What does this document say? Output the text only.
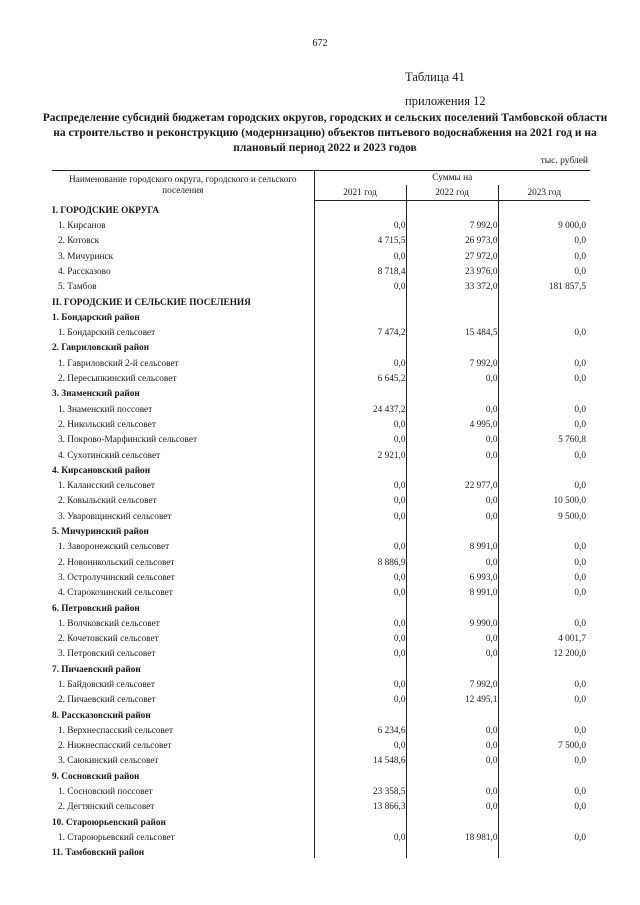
672
Таблица 41
приложения 12
Распределение субсидий бюджетам городских округов, городских и сельских поселений Тамбовской области на строительство и реконструкцию (модернизацию) объектов питьевого водоснабжения на 2021 год и на плановый период 2022 и 2023 годов
тыс. рублей
Наименование городского округа, городского и сельского поселения	Суммы на		
	2021 год	2022 год	2023 год
I. ГОРОДСКИЕ ОКРУГА			
1. Кирсанов	0,0	7 992,0	9 000,0
2. Котовск	4 715,5	26 973,0	0,0
3. Мичуринск	0,0	27 972,0	0,0
4. Рассказово	8 718,4	23 976,0	0,0
5. Тамбов	0,0	33 372,0	181 857,5
II. ГОРОДСКИЕ И СЕЛЬСКИЕ ПОСЕЛЕНИЯ			
1. Бондарский район			
1. Бондарский сельсовет	7 474,2	15 484,5	0,0
2. Гавриловский район			
1. Гавриловский 2-й сельсовет	0,0	7 992,0	0,0
2. Пересыпкинский сельсовет	6 645,2	0,0	0,0
3. Знаменский район			
1. Знаменский поссовет	24 437,2	0,0	0,0
2. Никольский сельсовет	0,0	4 995,0	0,0
3. Покрово-Марфинский сельсовет	0,0	0,0	5 760,8
4. Сухотинский сельсовет	2 921,0	0,0	0,0
4. Кирсановский район			
1. Калаисский сельсовет	0,0	22 977,0	0,0
2. Ковыльский сельсовет	0,0	0,0	10 500,0
3. Уваровщинский сельсовет	0,0	0,0	9 500,0
5. Мичуринский район			
1. Заворонежский сельсовет	0,0	8 991,0	0,0
2. Новоникольский сельсовет	8 886,9	0,0	0,0
3. Остролучинский сельсовет	0,0	6 993,0	0,0
4. Старокозинский сельсовет	0,0	8 991,0	0,0
6. Петровский район			
1. Волчковский сельсовет	0,0	9 990,0	0,0
2. Кочетовский сельсовет	0,0	0,0	4 001,7
3. Петровский сельсовет	0,0	0,0	12 200,0
7. Пичаевский район			
1. Байдовский сельсовет	0,0	7 992,0	0,0
2. Пичаевский сельсовет	0,0	12 495,1	0,0
8. Рассказовский район			
1. Верхнеспасский сельсовет	6 234,6	0,0	0,0
2. Нижнеспасский сельсовет	0,0	0,0	7 500,0
3. Саюкинский сельсовет	14 548,6	0,0	0,0
9. Сосновский район			
1. Сосновский поссовет	23 358,5	0,0	0,0
2. Дегтянский сельсовет	13 866,3	0,0	0,0
10. Староюрьевский район			
1. Староюрьевский сельсовет	0,0	18 981,0	0,0
11. Тамбовский район			
